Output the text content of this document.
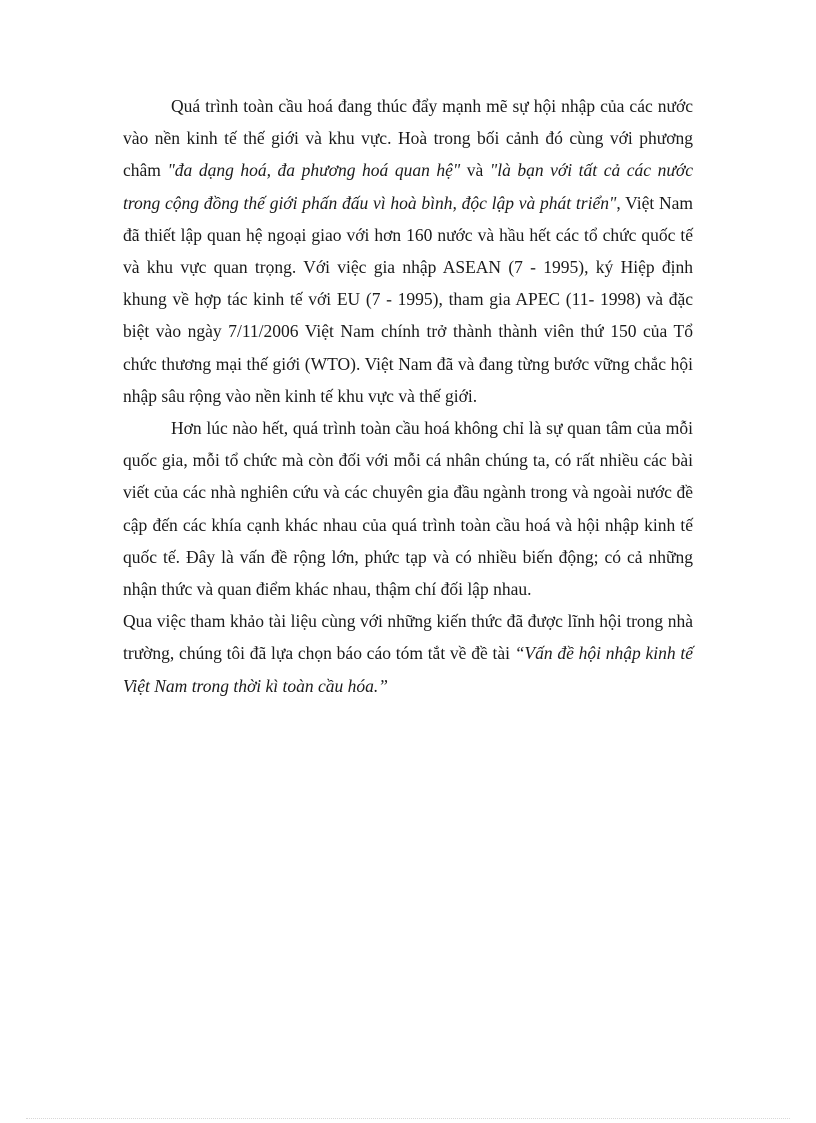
Quá trình toàn cầu hoá đang thúc đẩy mạnh mẽ sự hội nhập của các nước vào nền kinh tế thế giới và khu vực. Hoà trong bối cảnh đó cùng với phương châm "đa dạng hoá, đa phương hoá quan hệ" và "là bạn với tất cả các nước trong cộng đồng thế giới phấn đấu vì hoà bình, độc lập và phát triển", Việt Nam đã thiết lập quan hệ ngoại giao với hơn 160 nước và hầu hết các tổ chức quốc tế và khu vực quan trọng. Với việc gia nhập ASEAN (7 - 1995), ký Hiệp định khung về hợp tác kinh tế với EU (7 - 1995), tham gia APEC (11- 1998) và đặc biệt vào ngày 7/11/2006 Việt Nam chính trở thành thành viên thứ 150 của Tổ chức thương mại thế giới (WTO). Việt Nam đã và đang từng bước vững chắc hội nhập sâu rộng vào nền kinh tế khu vực và thế giới.

Hơn lúc nào hết, quá trình toàn cầu hoá không chỉ là sự quan tâm của mỗi quốc gia, mỗi tổ chức mà còn đối với mỗi cá nhân chúng ta, có rất nhiều các bài viết của các nhà nghiên cứu và các chuyên gia đầu ngành trong và ngoài nước đề cập đến các khía cạnh khác nhau của quá trình toàn cầu hoá và hội nhập kinh tế quốc tế. Đây là vấn đề rộng lớn, phức tạp và có nhiều biến động; có cả những nhận thức và quan điểm khác nhau, thậm chí đối lập nhau.

Qua việc tham khảo tài liệu cùng với những kiến thức đã được lĩnh hội trong nhà trường, chúng tôi đã lựa chọn báo cáo tóm tắt về đề tài “Vấn đề hội nhập kinh tế Việt Nam trong thời kì toàn cầu hóa.”
